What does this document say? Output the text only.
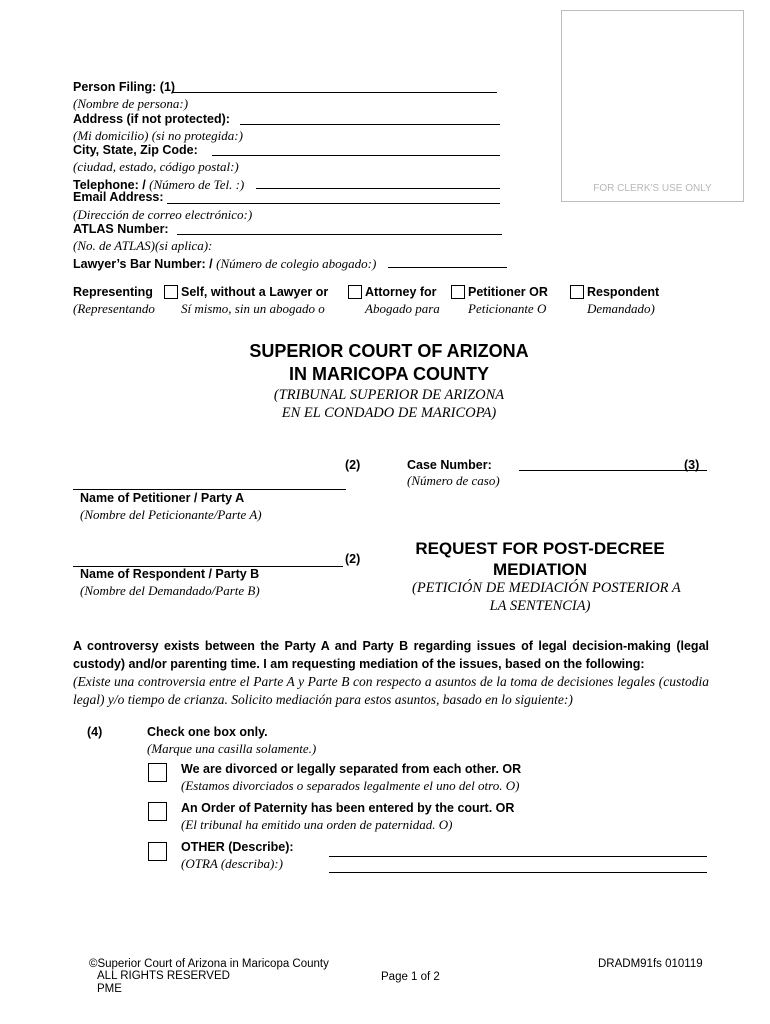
FOR CLERK'S USE ONLY
Person Filing: (1)
(Nombre de persona:)
Address (if not protected):
(Mi domicilio) (si no protegida:)
City, State, Zip Code:
(ciudad, estado, código postal:)
Telephone: / (Número de Tel. :)
Email Address:
(Dirección de correo electrónico:)
ATLAS Number:
(No. de ATLAS)(si aplica):
Lawyer’s Bar Number: / (Número de colegio abogado:)
Representing
(Representando
Self, without a Lawyer or
Sí mismo, sin un abogado o
Attorney for
Abogado para
Petitioner OR
Peticionante O
Respondent
Demandado)
SUPERIOR COURT OF ARIZONA
IN MARICOPA COUNTY
(TRIBUNAL SUPERIOR DE ARIZONA
EN EL CONDADO DE MARICOPA)
(2)
Name of Petitioner / Party A
(Nombre del Peticionante/Parte A)
Case Number:
(Número de caso)
(3)
(2)
Name of Respondent / Party B
(Nombre del Demandado/Parte B)
REQUEST FOR POST-DECREE
MEDIATION
(PETICIÓN DE MEDIACIÓN POSTERIOR A
LA SENTENCIA)
A controversy exists between the Party A and Party B regarding issues of legal decision-making (legal custody) and/or parenting time. I am requesting mediation of the issues, based on the following:
(Existe una controversia entre el Parte A y Parte B con respecto a asuntos de la toma de decisiones legales (custodia legal) y/o tiempo de crianza. Solicito mediación para estos asuntos, basado en lo siguiente:)
(4)	Check one box only.
(Marque una casilla solamente.)
We are divorced or legally separated from each other. OR
(Estamos divorciados o separados legalmente el uno del otro. O)
An Order of Paternity has been entered by the court. OR
(El tribunal ha emitido una orden de paternidad. O)
OTHER (Describe):
(OTRA (describa):)
©Superior Court of Arizona in Maricopa County
ALL RIGHTS RESERVED
PME
Page 1 of 2
DRADM91fs 010119
